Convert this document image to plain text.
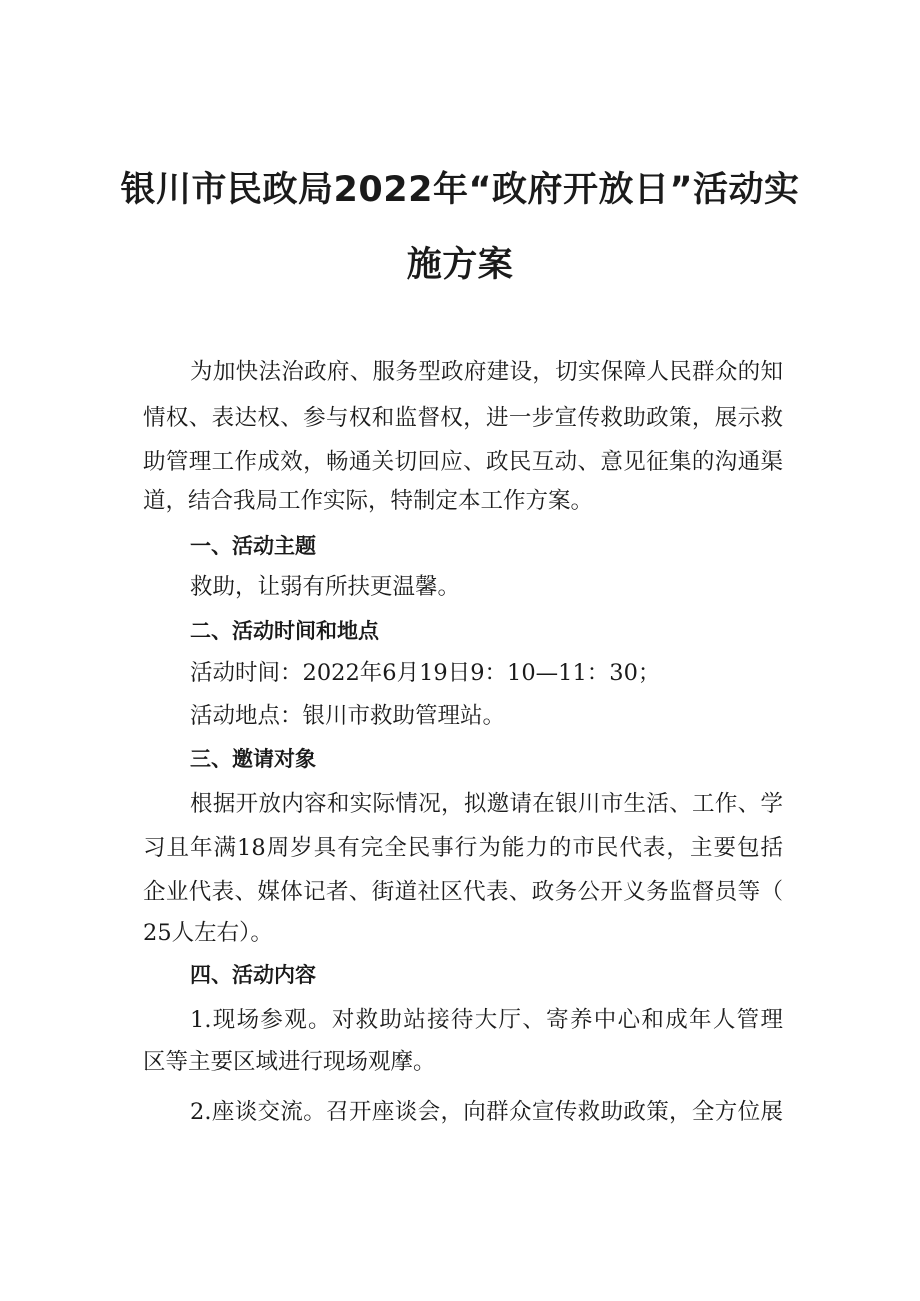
银川市民政局2022年“政府开放日”活动实
施方案
为加快法治政府、服务型政府建设，切实保障人民群众的知
情权、表达权、参与权和监督权，进一步宣传救助政策，展示救
助管理工作成效，畅通关切回应、政民互动、意见征集的沟通渠
道，结合我局工作实际，特制定本工作方案。
一、活动主题
救助，让弱有所扶更温馨。
二、活动时间和地点
活动时间：2022年6月19日9：10—11：30；
活动地点：银川市救助管理站。
三、邀请对象
根据开放内容和实际情况，拟邀请在银川市生活、工作、学
习且年满18周岁具有完全民事行为能力的市民代表，主要包括
企业代表、媒体记者、街道社区代表、政务公开义务监督员等（
25人左右）。
四、活动内容
1.现场参观。对救助站接待大厅、寄养中心和成年人管理
区等主要区域进行现场观摩。
2.座谈交流。召开座谈会，向群众宣传救助政策，全方位展
